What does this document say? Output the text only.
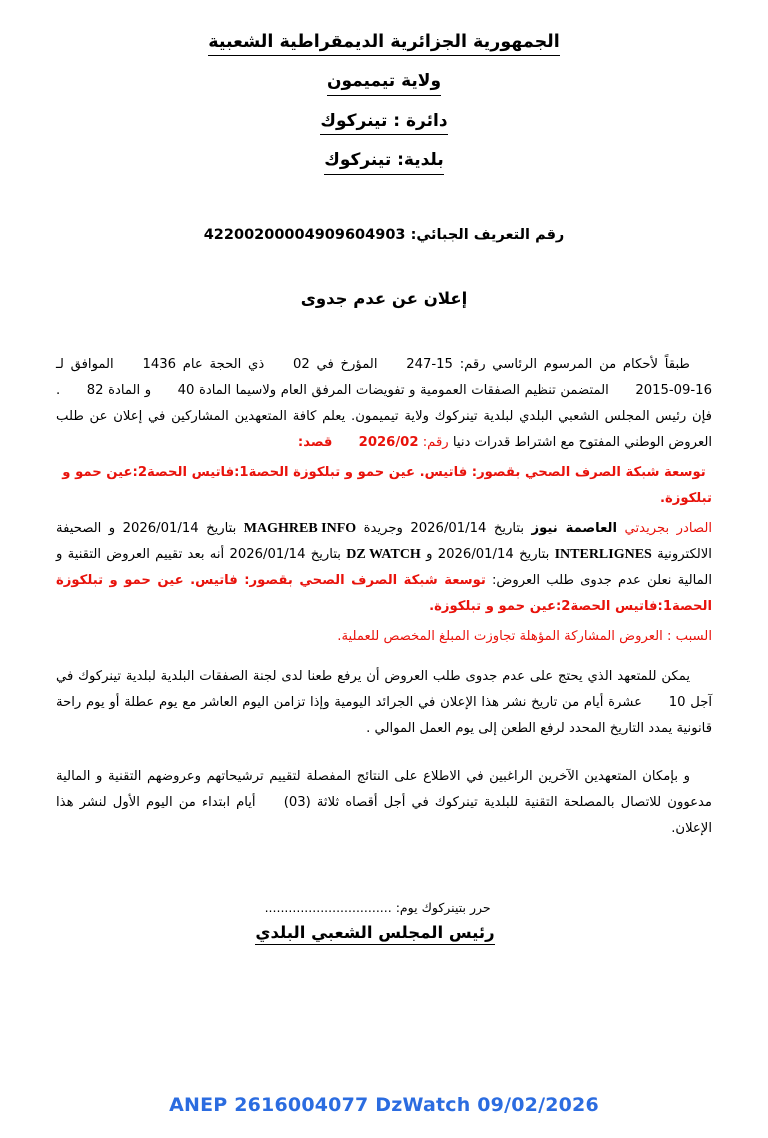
الجمهورية الجزائرية الديمقراطية الشعبية
ولاية تيميمون
دائرة : تينركوك
بلدية: تينركوك
رقم التعريف الجبائي: 42200200004909604903
إعلان عن عدم جدوى

طبقاً لأحكام من المرسوم الرئاسي رقم: 247-15 المؤرخ في 02 ذي الحجة عام 1436 الموافق لـ 2015-09-16 المتضمن تنظيم الصفقات العمومية و تفويضات المرفق العام ولاسيما المادة 40 و المادة 82 . فإن رئيس المجلس الشعبي البلدي لبلدية تينركوك ولاية تيميمون. يعلم كافة المتعهدين المشاركين في إعلان عن طلب العروض الوطني المفتوح مع اشتراط قدرات دنيا رقم: 2026/02 قصد:

توسعة شبكة الصرف الصحي بقصور: فاتيس. عين حمو و تبلكوزة الحصة1:فاتيس الحصة2:عين حمو و تبلكوزة.

الصادر بجريدتي العاصمة نيوز بتاريخ 2026/01/14 وجريدة MAGHREB INFO بتاريخ 2026/01/14 و الصحيفة الالكترونية INTERLIGNES بتاريخ 2026/01/14 و DZ WATCH بتاريخ 2026/01/14 أنه بعد تقييم العروض التقنية و المالية نعلن عدم جدوى طلب العروض: توسعة شبكة الصرف الصحي بقصور: فاتيس. عين حمو و تبلكوزة الحصة1:فاتيس الحصة2:عين حمو و تبلكوزة.

السبب : العروض المشاركة المؤهلة تجاوزت المبلغ المخصص للعملية.

يمكن للمتعهد الذي يحتج على عدم جدوى طلب العروض أن يرفع طعنا لدى لجنة الصفقات البلدية لبلدية تينركوك في آجل 10 عشرة أيام من تاريخ نشر هذا الإعلان في الجرائد اليومية وإذا تزامن اليوم العاشر مع يوم عطلة أو يوم راحة قانونية يمدد التاريخ المحدد لرفع الطعن إلى يوم العمل الموالي .

و بإمكان المتعهدين الآخرين الراغبين في الاطلاع على النتائج المفصلة لتقييم ترشيحاتهم وعروضهم التقنية و المالية مدعوون للاتصال بالمصلحة التقنية للبلدية تينركوك في أجل أقصاه ثلاثة (03) أيام ابتداء من اليوم الأول لنشر هذا الإعلان.

حرر بتينركوك يوم: ................................
رئيس المجلس الشعبي البلدي
ANEP 2616004077 DzWatch 09/02/2026
